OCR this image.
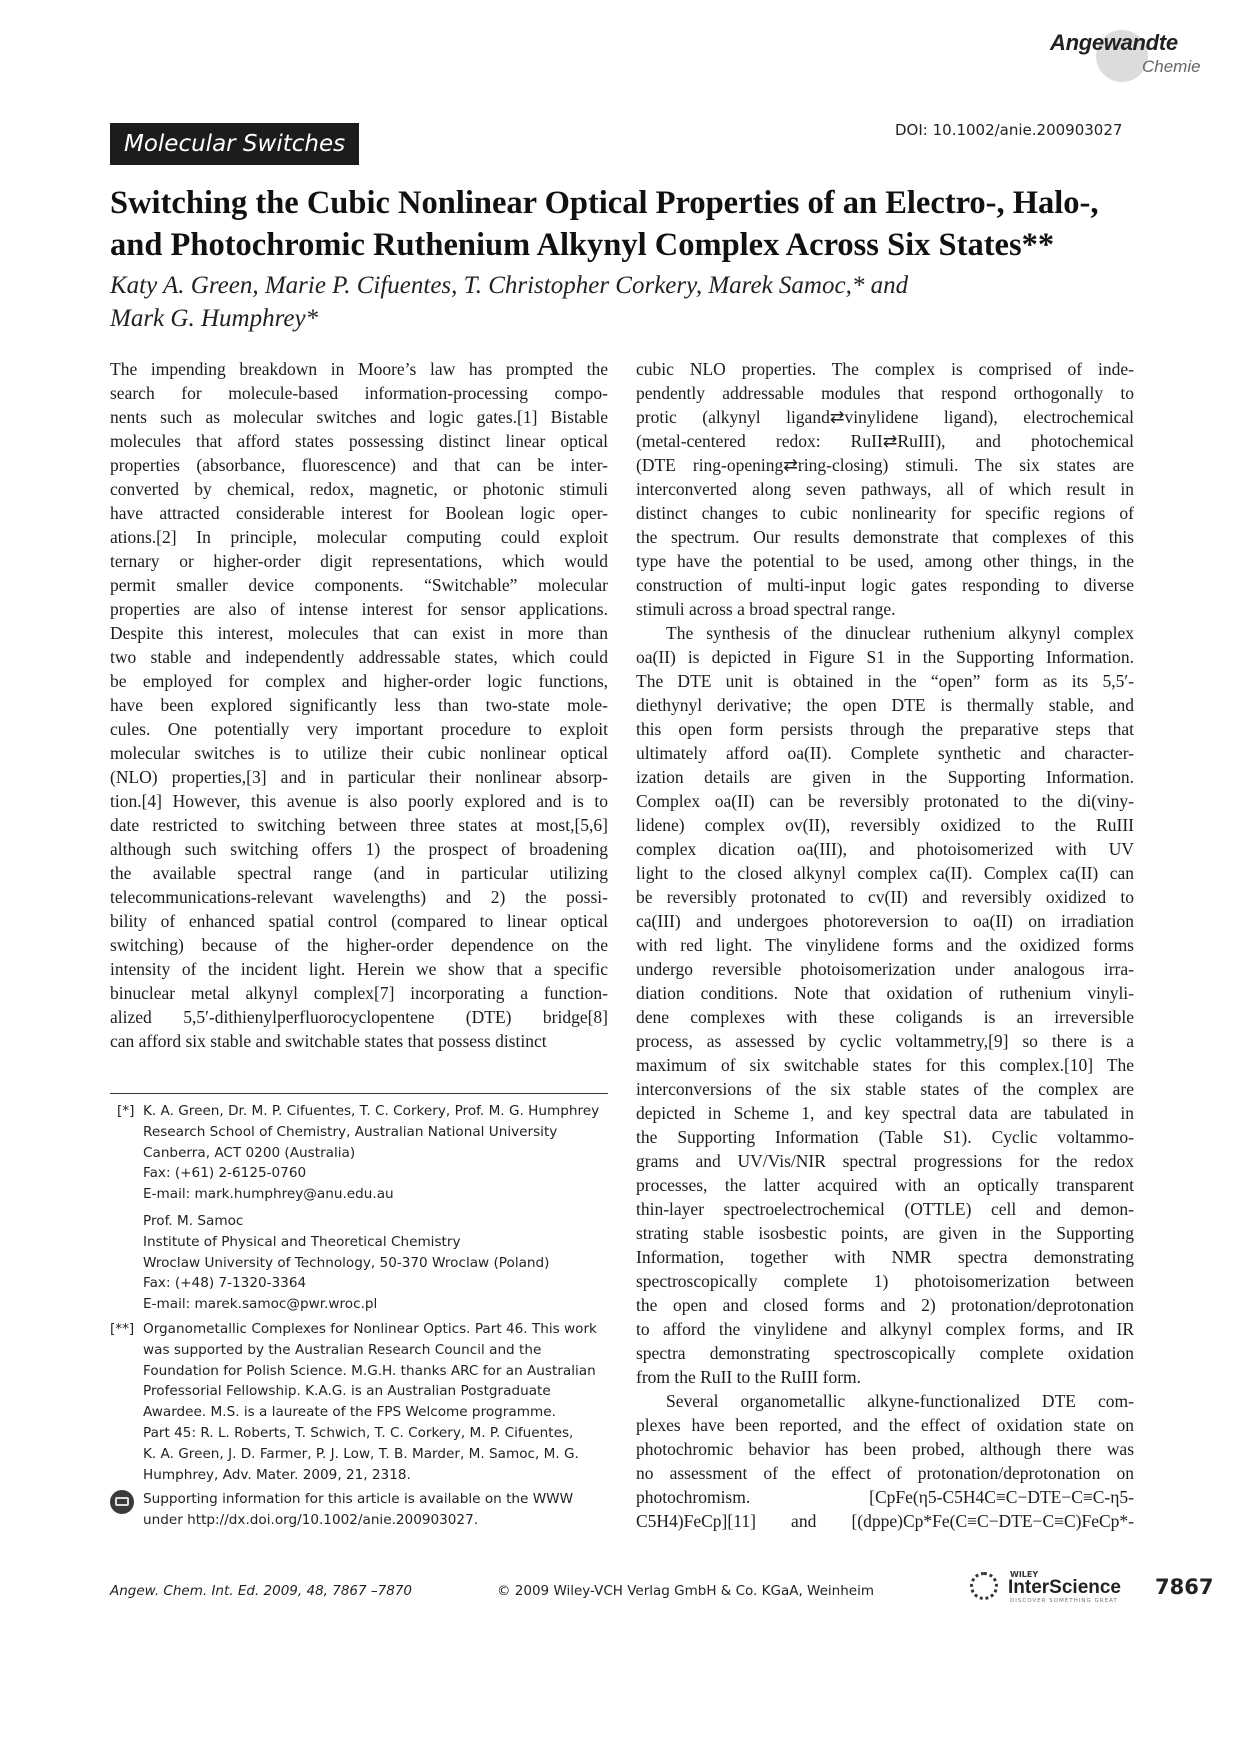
Angewandte
Chemie
Molecular Switches
DOI: 10.1002/anie.200903027
Switching the Cubic Nonlinear Optical Properties of an Electro-, Halo-,
and Photochromic Ruthenium Alkynyl Complex Across Six States**

Katy A. Green, Marie P. Cifuentes, T. Christopher Corkery, Marek Samoc,* and
Mark G. Humphrey*

The impending breakdown in Moore’s law has prompted the
search for molecule-based information-processing compo-
nents such as molecular switches and logic gates.[1] Bistable
molecules that afford states possessing distinct linear optical
properties (absorbance, fluorescence) and that can be inter-
converted by chemical, redox, magnetic, or photonic stimuli
have attracted considerable interest for Boolean logic oper-
ations.[2] In principle, molecular computing could exploit
ternary or higher-order digit representations, which would
permit smaller device components. “Switchable” molecular
properties are also of intense interest for sensor applications.
Despite this interest, molecules that can exist in more than
two stable and independently addressable states, which could
be employed for complex and higher-order logic functions,
have been explored significantly less than two-state mole-
cules. One potentially very important procedure to exploit
molecular switches is to utilize their cubic nonlinear optical
(NLO) properties,[3] and in particular their nonlinear absorp-
tion.[4] However, this avenue is also poorly explored and is to
date restricted to switching between three states at most,[5,6]
although such switching offers 1) the prospect of broadening
the available spectral range (and in particular utilizing
telecommunications-relevant wavelengths) and 2) the possi-
bility of enhanced spatial control (compared to linear optical
switching) because of the higher-order dependence on the
intensity of the incident light. Herein we show that a specific
binuclear metal alkynyl complex[7] incorporating a function-
alized 5,5′-dithienylperfluorocyclopentene (DTE) bridge[8]
can afford six stable and switchable states that possess distinct
cubic NLO properties. The complex is comprised of inde-
pendently addressable modules that respond orthogonally to
protic (alkynyl ligand⇄vinylidene ligand), electrochemical
(metal-centered redox: RuII⇄RuIII), and photochemical
(DTE ring-opening⇄ring-closing) stimuli. The six states are
interconverted along seven pathways, all of which result in
distinct changes to cubic nonlinearity for specific regions of
the spectrum. Our results demonstrate that complexes of this
type have the potential to be used, among other things, in the
construction of multi-input logic gates responding to diverse
stimuli across a broad spectral range.
The synthesis of the dinuclear ruthenium alkynyl complex
oa(II) is depicted in Figure S1 in the Supporting Information.
The DTE unit is obtained in the “open” form as its 5,5′-
diethynyl derivative; the open DTE is thermally stable, and
this open form persists through the preparative steps that
ultimately afford oa(II). Complete synthetic and character-
ization details are given in the Supporting Information.
Complex oa(II) can be reversibly protonated to the di(viny-
lidene) complex ov(II), reversibly oxidized to the RuIII
complex dication oa(III), and photoisomerized with UV
light to the closed alkynyl complex ca(II). Complex ca(II) can
be reversibly protonated to cv(II) and reversibly oxidized to
ca(III) and undergoes photoreversion to oa(II) on irradiation
with red light. The vinylidene forms and the oxidized forms
undergo reversible photoisomerization under analogous irra-
diation conditions. Note that oxidation of ruthenium vinyli-
dene complexes with these coligands is an irreversible
process, as assessed by cyclic voltammetry,[9] so there is a
maximum of six switchable states for this complex.[10] The
interconversions of the six stable states of the complex are
depicted in Scheme 1, and key spectral data are tabulated in
the Supporting Information (Table S1). Cyclic voltammo-
grams and UV/Vis/NIR spectral progressions for the redox
processes, the latter acquired with an optically transparent
thin-layer spectroelectrochemical (OTTLE) cell and demon-
strating stable isosbestic points, are given in the Supporting
Information, together with NMR spectra demonstrating
spectroscopically complete 1) photoisomerization between
the open and closed forms and 2) protonation/deprotonation
to afford the vinylidene and alkynyl complex forms, and IR
spectra demonstrating spectroscopically complete oxidation
from the RuII to the RuIII form.
Several organometallic alkyne-functionalized DTE com-
plexes have been reported, and the effect of oxidation state on
photochromic behavior has been probed, although there was
no assessment of the effect of protonation/deprotonation on
photochromism. [CpFe(η5-C5H4C≡C−DTE−C≡C-η5-
C5H4)FeCp][11] and [(dppe)Cp*Fe(C≡C−DTE−C≡C)FeCp*-
[*] K. A. Green, Dr. M. P. Cifuentes, T. C. Corkery, Prof. M. G. Humphrey
Research School of Chemistry, Australian National University
Canberra, ACT 0200 (Australia)
Fax: (+61) 2-6125-0760
E-mail: mark.humphrey@anu.edu.au
Prof. M. Samoc
Institute of Physical and Theoretical Chemistry
Wroclaw University of Technology, 50-370 Wroclaw (Poland)
Fax: (+48) 7-1320-3364
E-mail: marek.samoc@pwr.wroc.pl
[**] Organometallic Complexes for Nonlinear Optics. Part 46. This work
was supported by the Australian Research Council and the
Foundation for Polish Science. M.G.H. thanks ARC for an Australian
Professorial Fellowship. K.A.G. is an Australian Postgraduate
Awardee. M.S. is a laureate of the FPS Welcome programme.
Part 45: R. L. Roberts, T. Schwich, T. C. Corkery, M. P. Cifuentes,
K. A. Green, J. D. Farmer, P. J. Low, T. B. Marder, M. Samoc, M. G.
Humphrey, Adv. Mater. 2009, 21, 2318.
Supporting information for this article is available on the WWW
under http://dx.doi.org/10.1002/anie.200903027.
Angew. Chem. Int. Ed. 2009, 48, 7867 –7870	© 2009 Wiley-VCH Verlag GmbH & Co. KGaA, Weinheim
WILEY
InterScience
DISCOVER SOMETHING GREAT
7867
